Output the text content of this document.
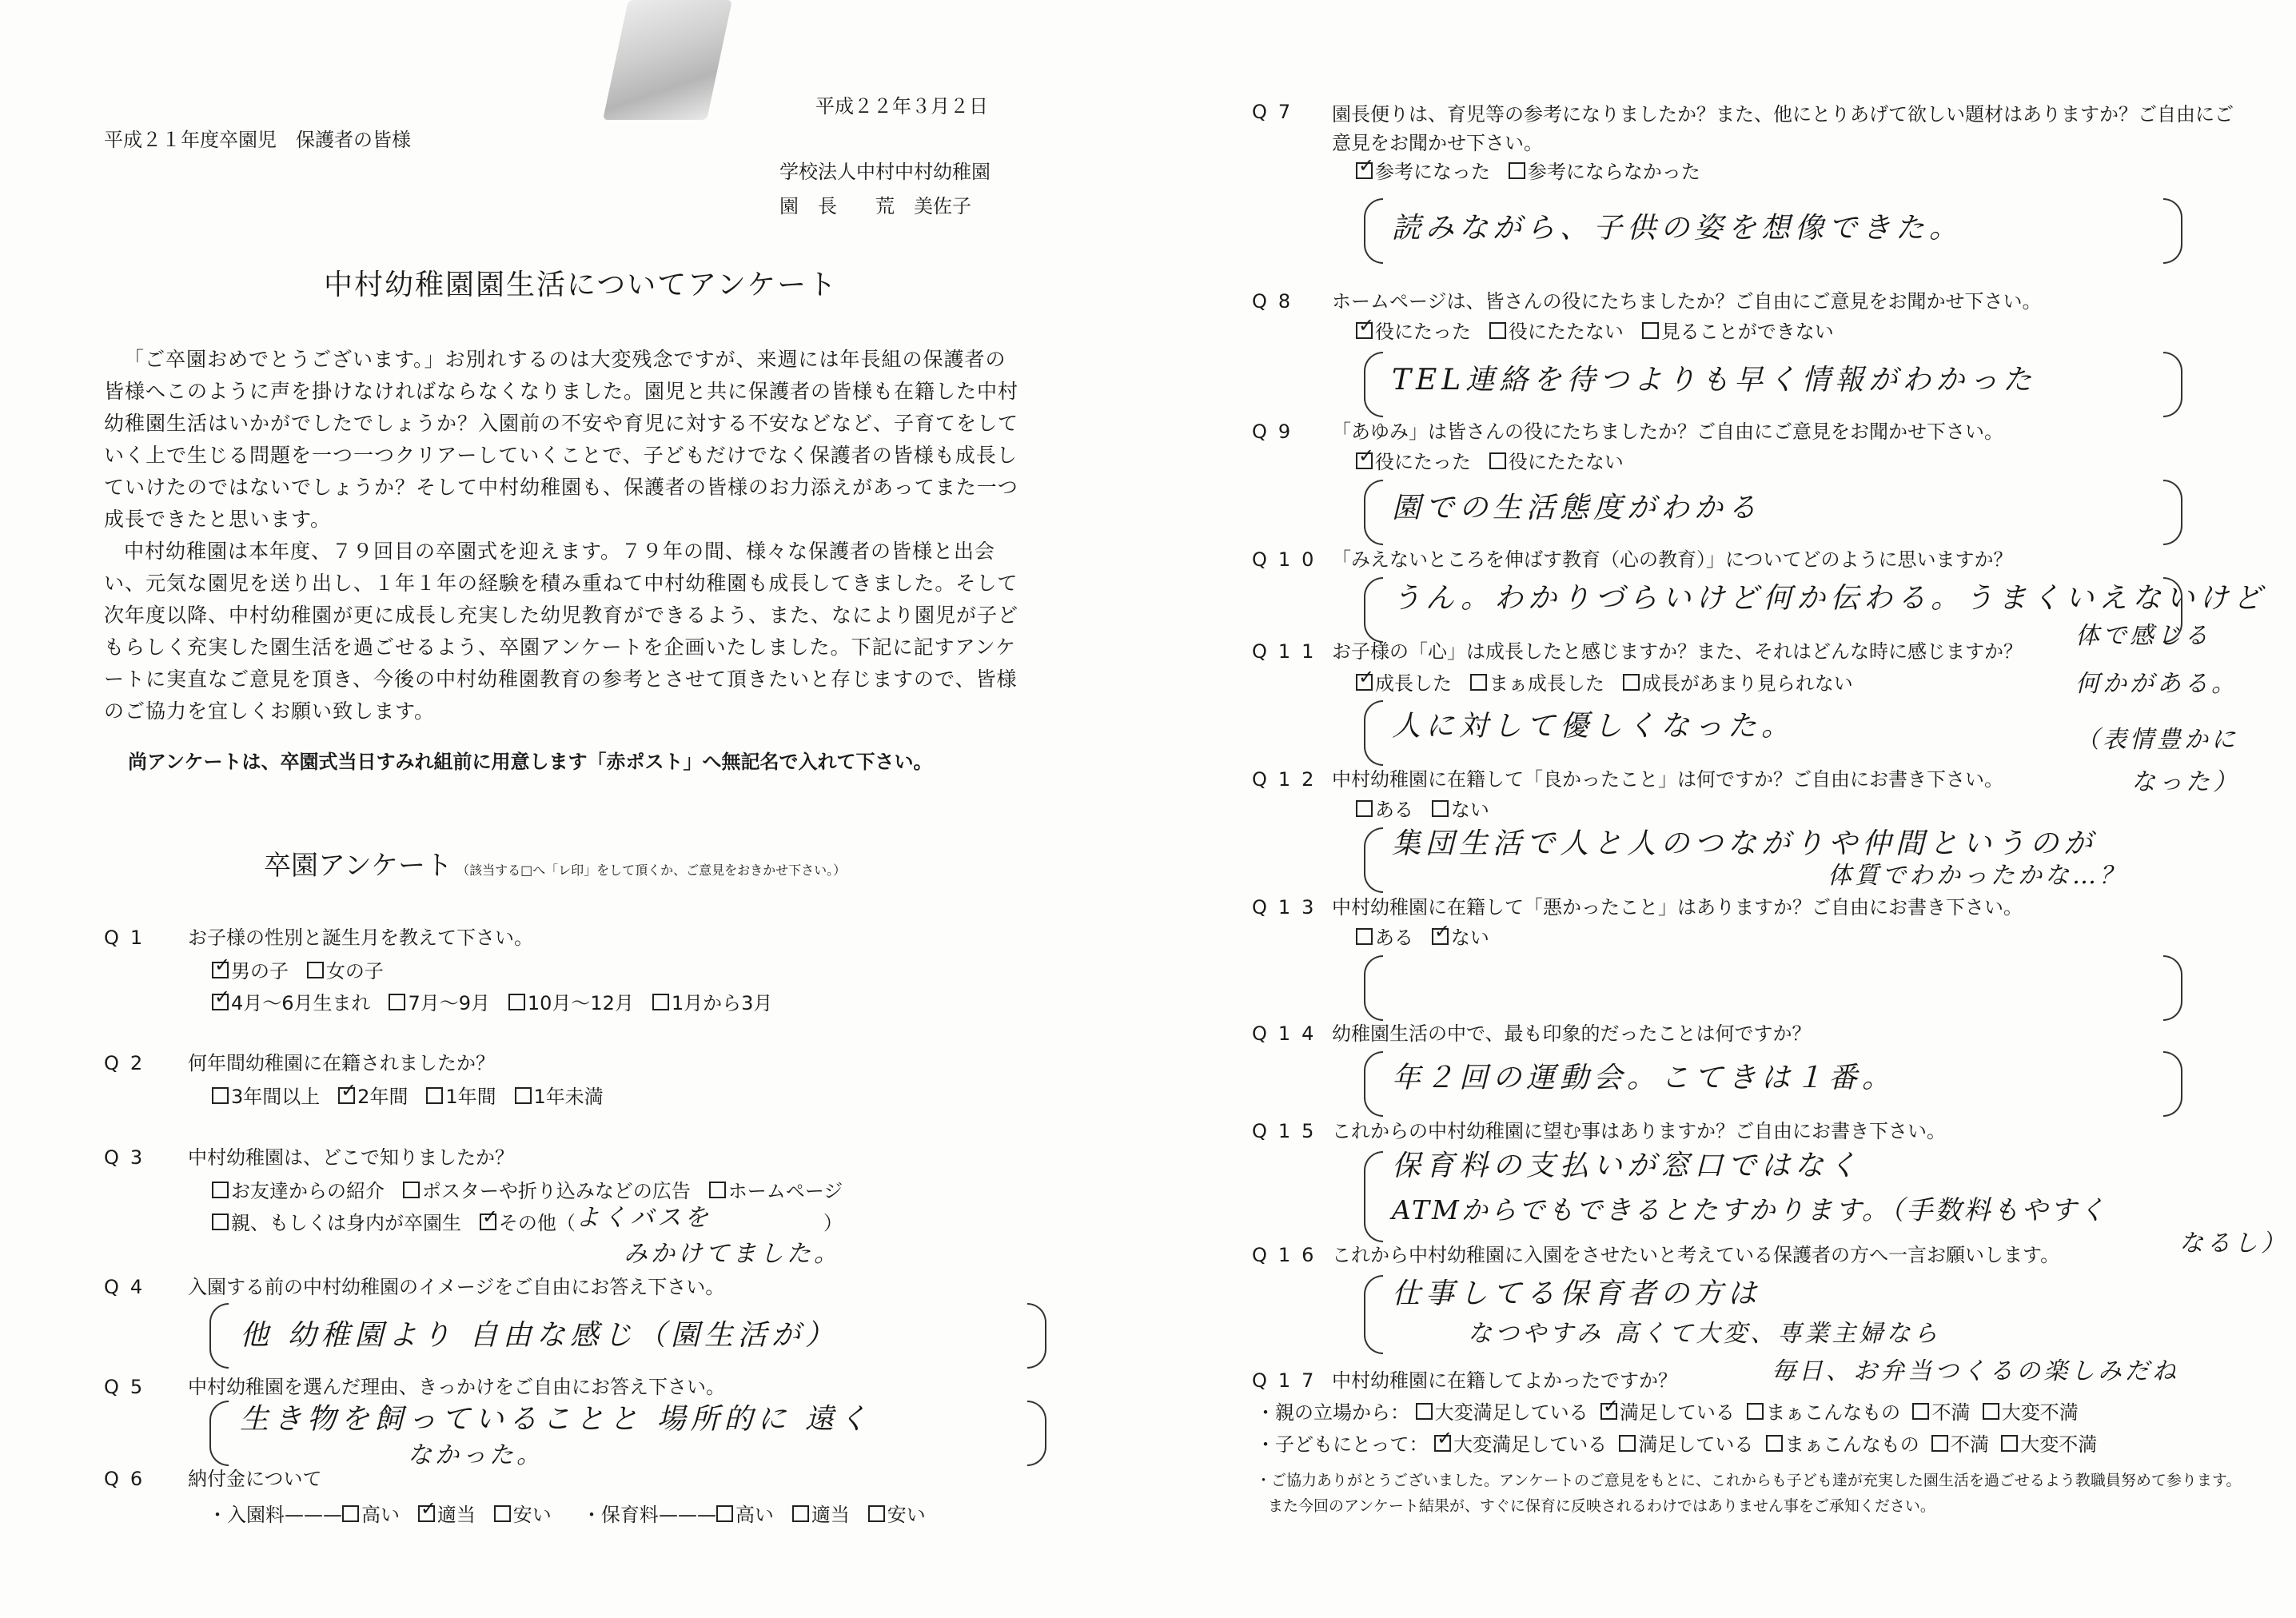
平成２２年３月２日
平成２１年度卒園児　保護者の皆様
学校法人中村中村幼稚園
園　長　　荒　美佐子
中村幼稚園園生活についてアンケート
「ご卒園おめでとうございます。」お別れするのは大変残念ですが、来週には年長組の保護者の皆様へこのように声を掛けなければならなくなりました。園児と共に保護者の皆様も在籍した中村幼稚園生活はいかがでしたでしょうか？入園前の不安や育児に対する不安などなど、子育てをしていく上で生じる問題を一つ一つクリアーしていくことで、子どもだけでなく保護者の皆様も成長していけたのではないでしょうか？そして中村幼稚園も、保護者の皆様のお力添えがあってまた一つ成長できたと思います。
中村幼稚園は本年度、７９回目の卒園式を迎えます。７９年の間、様々な保護者の皆様と出会い、元気な園児を送り出し、１年１年の経験を積み重ねて中村幼稚園も成長してきました。そして次年度以降、中村幼稚園が更に成長し充実した幼児教育ができるよう、また、なにより園児が子どもらしく充実した園生活を過ごせるよう、卒園アンケートを企画いたしました。下記に記すアンケートに実直なご意見を頂き、今後の中村幼稚園教育の参考とさせて頂きたいと存じますので、皆様のご協力を宜しくお願い致します。
尚アンケートは、卒園式当日すみれ組前に用意します「赤ポスト」へ無記名で入れて下さい。
卒園アンケート （該当する□へ「レ印」をして頂くか、ご意見をおきかせ下さい。）
Q1 お子様の性別と誕生月を教えて下さい。
✓男の子 女の子
✓4月～6月生まれ 7月～9月 10月～12月 1月から3月
Q2 何年間幼稚園に在籍されましたか？
3年間以上 ✓ 2年間 1年間 1年未満
Q3 中村幼稚園は、どこで知りましたか？
お友達からの紹介 ポスターや折り込みなどの広告 ホームページ
親、もしくは身内が卒園生 ✓ その他（ よくバスを	）
みかけてました。
Q4 入園する前の中村幼稚園のイメージをご自由にお答え下さい。
他 幼稚園より 自由な感じ（園生活が）
Q5 中村幼稚園を選んだ理由、きっかけをご自由にお答え下さい。
生き物を飼っていることと 場所的に 遠く
なかった。
Q6 納付金について
・入園料——— 高い ✓ 適当 安い ・保育料——— 高い 適当 安い
Q7 園長便りは、育児等の参考になりましたか？また、他にとりあげて欲しい題材はありますか？ご自由にご意見をお聞かせ下さい。
✓参考になった 参考にならなかった
読みながら、子供の姿を想像できた。
Q8 ホームページは、皆さんの役にたちましたか？ご自由にご意見をお聞かせ下さい。
✓役にたった 役にたたない 見ることができない
TEL連絡を待つよりも早く情報がわかった
Q9 「あゆみ」は皆さんの役にたちましたか？ご自由にご意見をお聞かせ下さい。
✓役にたった 役にたたない
園での生活態度がわかる
Q10 「みえないところを伸ばす教育（心の教育）」についてどのように思いますか？
うん。わかりづらいけど何か伝わる。うまくいえないけど
Q11 お子様の「心」は成長したと感じますか？また、それはどんな時に感じますか？
✓成長した まぁ成長した 成長があまり見られない
人に対して優しくなった。
体で感じる
何かがある。
（表情豊かに
なった）
Q12 中村幼稚園に在籍して「良かったこと」は何ですか？ご自由にお書き下さい。
ある ない
集団生活で人と人のつながりや仲間というのが
体質でわかったかな…？
Q13 中村幼稚園に在籍して「悪かったこと」はありますか？ご自由にお書き下さい。
ある ✓ ない
Q14 幼稚園生活の中で、最も印象的だったことは何ですか？
年２回の運動会。こてきは１番。
Q15 これからの中村幼稚園に望む事はありますか？ご自由にお書き下さい。
保育料の支払いが窓口ではなく
ATMからでもできるとたすかります。（手数料もやすく
なるし）
Q16 これから中村幼稚園に入園をさせたいと考えている保護者の方へ一言お願いします。
仕事してる保育者の方は
なつやすみ 高くて大変、専業主婦なら
毎日、お弁当つくるの楽しみだね
Q17 中村幼稚園に在籍してよかったですか？
・親の立場から： 大変満足している ✓ 満足している まぁこんなもの 不満 大変不満
・子どもにとって： ✓大変満足している 満足している まぁこんなもの 不満 大変不満
・ご協力ありがとうございました。アンケートのご意見をもとに、これからも子ども達が充実した園生活を過ごせるよう教職員努めて参ります。
また今回のアンケート結果が、すぐに保育に反映されるわけではありません事をご承知ください。
